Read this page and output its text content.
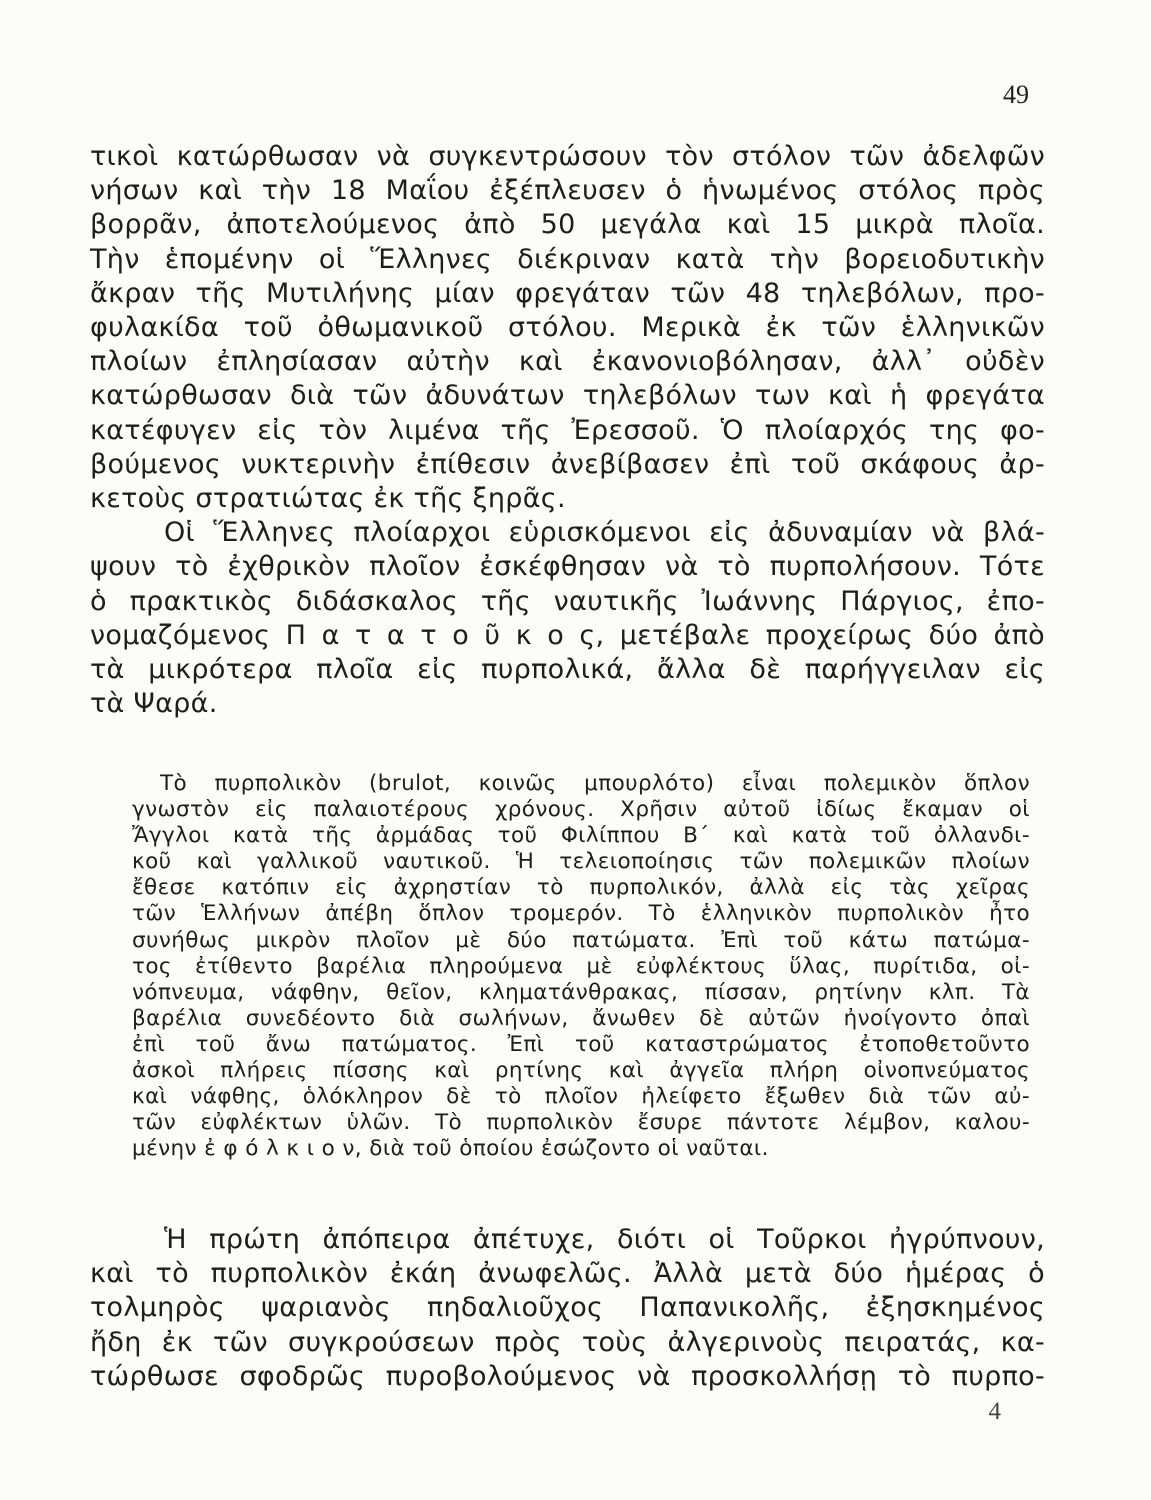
49
τικοὶ κατώρθωσαν νὰ συγκεντρώσουν τὸν στόλον τῶν ἀδελφῶν
νήσων καὶ τὴν 18 Μαΐου ἐξέπλευσεν ὁ ἡνωμένος στόλος πρὸς
βορρᾶν, ἀποτελούμενος ἀπὸ 50 μεγάλα καὶ 15 μικρὰ πλοῖα.
Τὴν ἑπομένην οἱ Ἕλληνες διέκριναν κατὰ τὴν βορειοδυτικὴν
ἄκραν τῆς Μυτιλήνης μίαν φρεγάταν τῶν 48 τηλεβόλων, προ-
φυλακίδα τοῦ ὀθωμανικοῦ στόλου. Μερικὰ ἐκ τῶν ἑλληνικῶν
πλοίων ἐπλησίασαν αὐτὴν καὶ ἐκανονιοβόλησαν, ἀλλ᾽ οὐδὲν
κατώρθωσαν διὰ τῶν ἀδυνάτων τηλεβόλων των καὶ ἡ φρεγάτα
κατέφυγεν εἰς τὸν λιμένα τῆς Ἐρεσσοῦ. Ὁ πλοίαρχός της φο-
βούμενος νυκτερινὴν ἐπίθεσιν ἀνεβίβασεν ἐπὶ τοῦ σκάφους ἀρ-
κετοὺς στρατιώτας ἐκ τῆς ξηρᾶς.
Οἱ Ἕλληνες πλοίαρχοι εὑρισκόμενοι εἰς ἀδυναμίαν νὰ βλά-
ψουν τὸ ἐχθρικὸν πλοῖον ἐσκέφθησαν νὰ τὸ πυρπολήσουν. Τότε
ὁ πρακτικὸς διδάσκαλος τῆς ναυτικῆς Ἰωάννης Πάργιος, ἐπο-
νομαζόμενος Π α τ α τ ο ῦ κ ο ς, μετέβαλε προχείρως δύο ἀπὸ
τὰ μικρότερα πλοῖα εἰς πυρπολικά, ἄλλα δὲ παρήγγειλαν εἰς
τὰ Ψαρά.
Τὸ πυρπολικὸν (brulot, κοινῶς μπουρλότο) εἶναι πολεμικὸν ὅπλον
γνωστὸν εἰς παλαιοτέρους χρόνους. Χρῆσιν αὐτοῦ ἰδίως ἔκαμαν οἱ
Ἄγγλοι κατὰ τῆς ἀρμάδας τοῦ Φιλίππου Β´ καὶ κατὰ τοῦ ὀλλανδι-
κοῦ καὶ γαλλικοῦ ναυτικοῦ. Ἡ τελειοποίησις τῶν πολεμικῶν πλοίων
ἔθεσε κατόπιν εἰς ἀχρηστίαν τὸ πυρπολικόν, ἀλλὰ εἰς τὰς χεῖρας
τῶν Ἑλλήνων ἀπέβη ὅπλον τρομερόν. Τὸ ἑλληνικὸν πυρπολικὸν ἦτο
συνήθως μικρὸν πλοῖον μὲ δύο πατώματα. Ἐπὶ τοῦ κάτω πατώμα-
τος ἐτίθεντο βαρέλια πληρούμενα μὲ εὐφλέκτους ὕλας, πυρίτιδα, οἰ-
νόπνευμα, νάφθην, θεῖον, κληματάνθρακας, πίσσαν, ρητίνην κλπ. Τὰ
βαρέλια συνεδέοντο διὰ σωλήνων, ἄνωθεν δὲ αὐτῶν ἠνοίγοντο ὀπαὶ
ἐπὶ τοῦ ἄνω πατώματος. Ἐπὶ τοῦ καταστρώματος ἐτοποθετοῦντο
ἀσκοὶ πλήρεις πίσσης καὶ ρητίνης καὶ ἀγγεῖα πλήρη οἰνοπνεύματος
καὶ νάφθης, ὁλόκληρον δὲ τὸ πλοῖον ἠλείφετο ἔξωθεν διὰ τῶν αὐ-
τῶν εὐφλέκτων ὑλῶν. Τὸ πυρπολικὸν ἔσυρε πάντοτε λέμβον, καλου-
μένην ἐ φ ό λ κ ι ο ν, διὰ τοῦ ὁποίου ἐσώζοντο οἱ ναῦται.
Ἡ πρώτη ἀπόπειρα ἀπέτυχε, διότι οἱ Τοῦρκοι ἠγρύπνουν,
καὶ τὸ πυρπολικὸν ἐκάη ἀνωφελῶς. Ἀλλὰ μετὰ δύο ἡμέρας ὁ
τολμηρὸς ψαριανὸς πηδαλιοῦχος Παπανικολῆς, ἐξησκημένος
ἤδη ἐκ τῶν συγκρούσεων πρὸς τοὺς ἀλγερινοὺς πειρατάς, κα-
τώρθωσε σφοδρῶς πυροβολούμενος νὰ προσκολλήσῃ τὸ πυρπο-
4
